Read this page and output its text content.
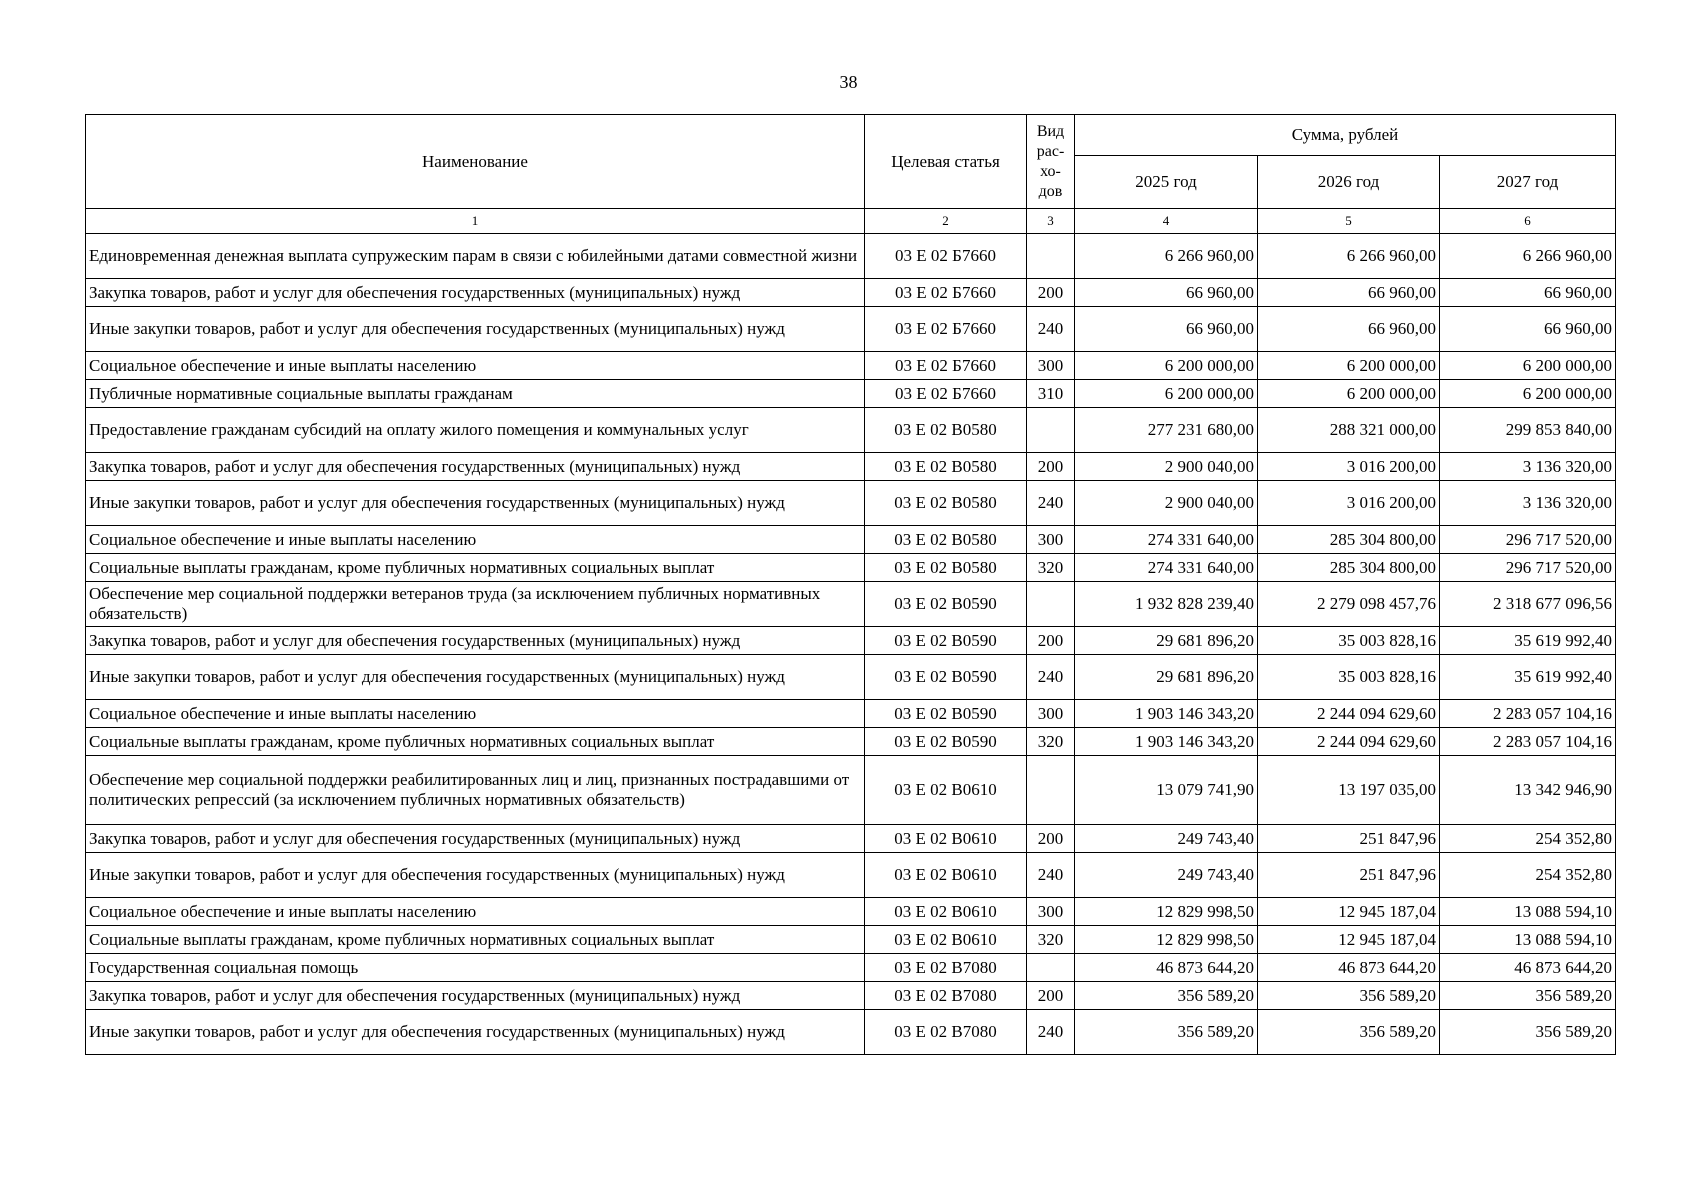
38
Наименование	Целевая статья	Вид
рас-
хо-
дов	Сумма, рублей		
			2025 год	2026 год	2027 год
1	2	3	4	5	6
Единовременная денежная выплата супружеским парам в связи с юбилейными датами совместной жизни	03 Е 02 Б7660		6 266 960,00	6 266 960,00	6 266 960,00
Закупка товаров, работ и услуг для обеспечения государственных (муниципальных) нужд	03 Е 02 Б7660	200	66 960,00	66 960,00	66 960,00
Иные закупки товаров, работ и услуг для обеспечения государственных (муниципальных) нужд	03 Е 02 Б7660	240	66 960,00	66 960,00	66 960,00
Социальное обеспечение и иные выплаты населению	03 Е 02 Б7660	300	6 200 000,00	6 200 000,00	6 200 000,00
Публичные нормативные социальные выплаты гражданам	03 Е 02 Б7660	310	6 200 000,00	6 200 000,00	6 200 000,00
Предоставление гражданам субсидий на оплату жилого помещения и коммунальных услуг	03 Е 02 В0580		277 231 680,00	288 321 000,00	299 853 840,00
Закупка товаров, работ и услуг для обеспечения государственных (муниципальных) нужд	03 Е 02 В0580	200	2 900 040,00	3 016 200,00	3 136 320,00
Иные закупки товаров, работ и услуг для обеспечения государственных (муниципальных) нужд	03 Е 02 В0580	240	2 900 040,00	3 016 200,00	3 136 320,00
Социальное обеспечение и иные выплаты населению	03 Е 02 В0580	300	274 331 640,00	285 304 800,00	296 717 520,00
Социальные выплаты гражданам, кроме публичных нормативных социальных выплат	03 Е 02 В0580	320	274 331 640,00	285 304 800,00	296 717 520,00
Обеспечение мер социальной поддержки ветеранов труда (за исключением публичных нормативных обязательств)	03 Е 02 В0590		1 932 828 239,40	2 279 098 457,76	2 318 677 096,56
Закупка товаров, работ и услуг для обеспечения государственных (муниципальных) нужд	03 Е 02 В0590	200	29 681 896,20	35 003 828,16	35 619 992,40
Иные закупки товаров, работ и услуг для обеспечения государственных (муниципальных) нужд	03 Е 02 В0590	240	29 681 896,20	35 003 828,16	35 619 992,40
Социальное обеспечение и иные выплаты населению	03 Е 02 В0590	300	1 903 146 343,20	2 244 094 629,60	2 283 057 104,16
Социальные выплаты гражданам, кроме публичных нормативных социальных выплат	03 Е 02 В0590	320	1 903 146 343,20	2 244 094 629,60	2 283 057 104,16
Обеспечение мер социальной поддержки реабилитированных лиц и лиц, признанных пострадавшими от политических репрессий (за исключением публичных нормативных обязательств)	03 Е 02 В0610		13 079 741,90	13 197 035,00	13 342 946,90
Закупка товаров, работ и услуг для обеспечения государственных (муниципальных) нужд	03 Е 02 В0610	200	249 743,40	251 847,96	254 352,80
Иные закупки товаров, работ и услуг для обеспечения государственных (муниципальных) нужд	03 Е 02 В0610	240	249 743,40	251 847,96	254 352,80
Социальное обеспечение и иные выплаты населению	03 Е 02 В0610	300	12 829 998,50	12 945 187,04	13 088 594,10
Социальные выплаты гражданам, кроме публичных нормативных социальных выплат	03 Е 02 В0610	320	12 829 998,50	12 945 187,04	13 088 594,10
Государственная социальная помощь	03 Е 02 В7080		46 873 644,20	46 873 644,20	46 873 644,20
Закупка товаров, работ и услуг для обеспечения государственных (муниципальных) нужд	03 Е 02 В7080	200	356 589,20	356 589,20	356 589,20
Иные закупки товаров, работ и услуг для обеспечения государственных (муниципальных) нужд	03 Е 02 В7080	240	356 589,20	356 589,20	356 589,20
